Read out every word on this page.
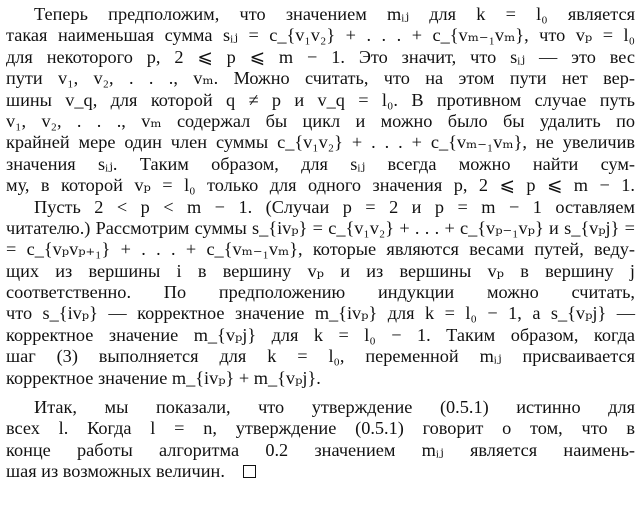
Теперь предположим, что значением mᵢⱼ для k = l₀ является
такая наименьшая сумма sᵢⱼ = c_{v₁v₂} + . . . + c_{vₘ₋₁vₘ}, что vₚ = l₀
для некоторого p, 2 ⩽ p ⩽ m − 1. Это значит, что sᵢⱼ — это вес
пути v₁, v₂, . . ., vₘ. Можно считать, что на этом пути нет вер-
шины v_q, для которой q ≠ p и v_q = l₀. В противном случае путь
v₁, v₂, . . ., vₘ содержал бы цикл и можно было бы удалить по
крайней мере один член суммы c_{v₁v₂} + . . . + c_{vₘ₋₁vₘ}, не увеличив
значения sᵢⱼ. Таким образом, для sᵢⱼ всегда можно найти сум-
му, в которой vₚ = l₀ только для одного значения p, 2 ⩽ p ⩽ m − 1.
Пусть 2 < p < m − 1. (Случаи p = 2 и p = m − 1 оставляем
читателю.) Рассмотрим суммы s_{ivₚ} = c_{v₁v₂} + . . . + c_{vₚ₋₁vₚ} и s_{vₚj} =
= c_{vₚvₚ₊₁} + . . . + c_{vₘ₋₁vₘ}, которые являются весами путей, веду-
щих из вершины i в вершину vₚ и из вершины vₚ в вершину j
соответственно. По предположению индукции можно считать,
что s_{ivₚ} — корректное значение m_{ivₚ} для k = l₀ − 1, а s_{vₚj} —
корректное значение m_{vₚj} для k = l₀ − 1. Таким образом, когда
шаг (3) выполняется для k = l₀, переменной mᵢⱼ присваивается
корректное значение m_{ivₚ} + m_{vₚj}.
Итак, мы показали, что утверждение (0.5.1) истинно для
всех l. Когда l = n, утверждение (0.5.1) говорит о том, что в
конце работы алгоритма 0.2 значением mᵢⱼ является наимень-
шая из возможных величин.
